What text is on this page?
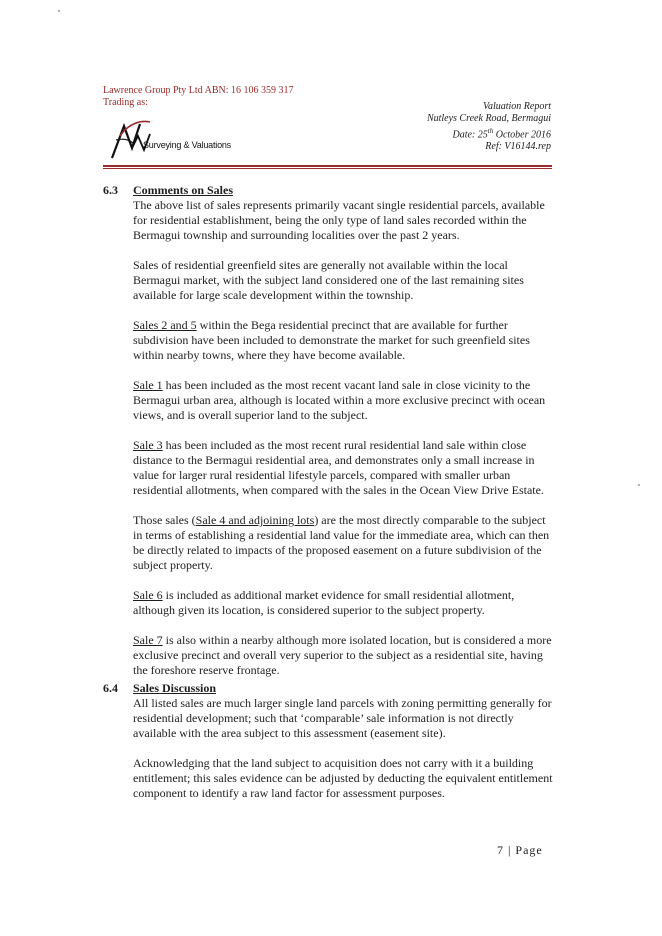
Lawrence Group Pty Ltd ABN: 16 106 359 317
Trading as:
Surveying & Valuations
Valuation Report
Nutleys Creek Road, Bermagui
Date: 25th October 2016
Ref: V16144.rep
6.3 Comments on Sales

The above list of sales represents primarily vacant single residential parcels, available for residential establishment, being the only type of land sales recorded within the Bermagui township and surrounding localities over the past 2 years.

Sales of residential greenfield sites are generally not available within the local Bermagui market, with the subject land considered one of the last remaining sites available for large scale development within the township.

Sales 2 and 5 within the Bega residential precinct that are available for further subdivision have been included to demonstrate the market for such greenfield sites within nearby towns, where they have become available.

Sale 1 has been included as the most recent vacant land sale in close vicinity to the Bermagui urban area, although is located within a more exclusive precinct with ocean views, and is overall superior land to the subject.

Sale 3 has been included as the most recent rural residential land sale within close distance to the Bermagui residential area, and demonstrates only a small increase in value for larger rural residential lifestyle parcels, compared with smaller urban residential allotments, when compared with the sales in the Ocean View Drive Estate.

Those sales (Sale 4 and adjoining lots) are the most directly comparable to the subject in terms of establishing a residential land value for the immediate area, which can then be directly related to impacts of the proposed easement on a future subdivision of the subject property.

Sale 6 is included as additional market evidence for small residential allotment, although given its location, is considered superior to the subject property.

Sale 7 is also within a nearby although more isolated location, but is considered a more exclusive precinct and overall very superior to the subject as a residential site, having the foreshore reserve frontage.

6.4 Sales Discussion

All listed sales are much larger single land parcels with zoning permitting generally for residential development; such that ‘comparable’ sale information is not directly available with the area subject to this assessment (easement site).

Acknowledging that the land subject to acquisition does not carry with it a building entitlement; this sales evidence can be adjusted by deducting the equivalent entitlement component to identify a raw land factor for assessment purposes.

7 | Page
